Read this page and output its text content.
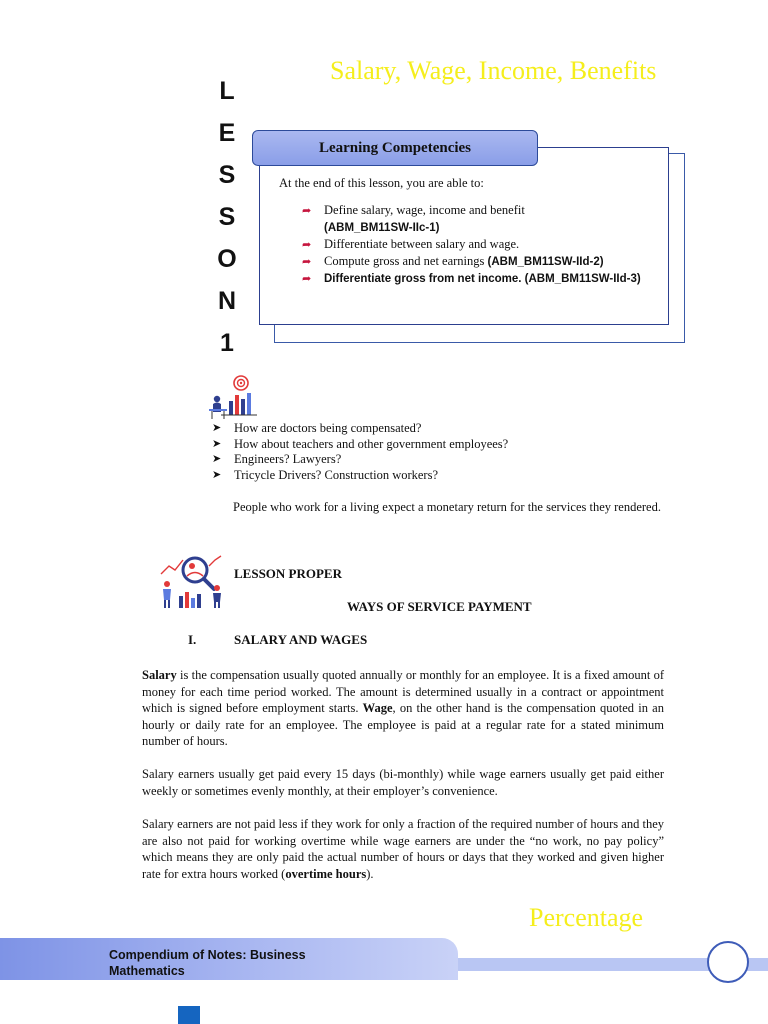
L
E
S
S
O
N
1
Salary, Wage, Income, Benefits
Learning Competencies
At the end of this lesson, you are able to:
➦ Define salary, wage, income and benefit
(ABM_BM11SW-IIc-1)
➦ Differentiate between salary and wage.
➦ Compute gross and net earnings (ABM_BM11SW-IId-2)
➦ Differentiate gross from net income. (ABM_BM11SW-IId-3)
➤ How are doctors being compensated?
➤ How about teachers and other government employees?
➤ Engineers? Lawyers?
➤ Tricycle Drivers? Construction workers?
People who work for a living expect a monetary return for the services they rendered.
LESSON PROPER
WAYS OF SERVICE PAYMENT
I.	SALARY AND WAGES
Salary is the compensation usually quoted annually or monthly for an employee. It is a fixed amount of money for each time period worked. The amount is determined usually in a contract or appointment which is signed before employment starts. Wage, on the other hand is the compensation quoted in an hourly or daily rate for an employee. The employee is paid at a regular rate for a stated minimum number of hours.
Salary earners usually get paid every 15 days (bi-monthly) while wage earners usually get paid either weekly or sometimes evenly monthly, at their employer’s convenience.
Salary earners are not paid less if they work for only a fraction of the required number of hours and they are also not paid for working overtime while wage earners are under the “no work, no pay policy” which means they are only paid the actual number of hours or days that they worked and given higher rate for extra hours worked (overtime hours).
Percentage
Compendium of Notes: Business Mathematics
